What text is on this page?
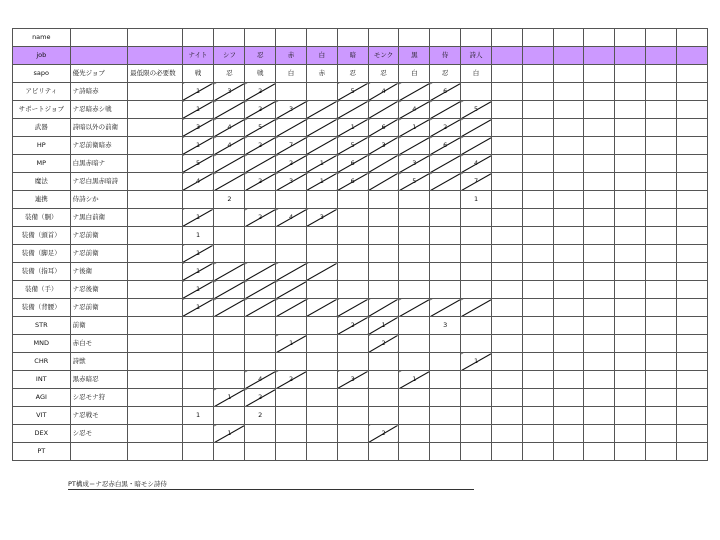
name																			
job			ナイト	シフ	忍	赤	白	暗	モンク	黒	侍	詩人							
sapo	優先ジョブ	最低限の必要数	戦	忍	戦	白	赤	忍	忍	白	忍	白							
アビリティ	ナ詩暗赤		1	3	2			5	4		6								
サポートジョブ	ナ忍暗赤シ戦		1		2	3				4		5							
武器	詩暗以外の前衛		3	4	5			1	6	1	2								
HP	ナ忍前衛暗赤		1	4	2	7		5	3		6								
MP	白黒赤暗ナ		5			2	1	6		3		4							
魔法	ナ忍白黒赤暗詩		4		2	3	1	6		5		7							
連携	侍詩シか			2								1							
装備（胴）	ナ黒白前衛		1		2	4	3												
装備（頭首）	ナ忍前衛		1																
装備（脚足）	ナ忍前衛		1																
装備（指耳）	ナ後衛		1																
装備（手）	ナ忍後衛		1																
装備（背腰）	ナ忍前衛		1																
STR	前衛							2	1		3								
MND	赤白モ					1			2										
CHR	詩獣											1							
INT	黒赤暗忍				4	2		3		1									
AGI	シ忍モナ狩			1	2														
VIT	ナ忍戦モ		1		2														
DEX	シ忍モ			1					2										
PT																			
PT構成＝ナ忍赤白黒・暗モシ詩侍
